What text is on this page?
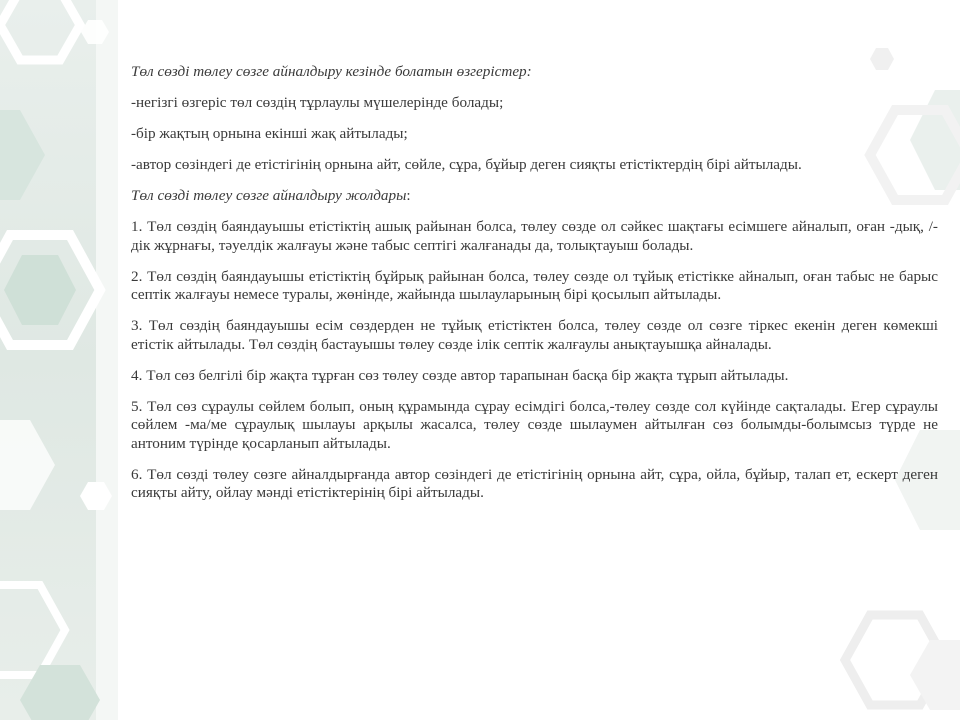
Төл сөзді төлеу сөзге айналдыру кезінде болатын өзгерістер:

-негізгі өзгеріс төл сөздің тұрлаулы мүшелерінде болады;

-бір жақтың орнына екінші жақ айтылады;

-автор сөзіндегі де етістігінің орнына айт, сөйле, сұра, бұйыр деген сияқты етістіктердің бірі айтылады.

Төл сөзді төлеу сөзге айналдыру жолдары:

1. Төл сөздің баяндауышы етістіктің ашық райынан болса, төлеу сөзде ол сәйкес шақтағы есімшеге айналып, оған -дық, /-дік жұрнағы, тәуелдік жалғауы және табыс септігі жалғанады да, толықтауыш болады.

2. Төл сөздің баяндауышы етістіктің бұйрық райынан болса, төлеу сөзде ол тұйық етістікке айналып, оған табыс не барыс септік жалғауы немесе туралы, жөнінде, жайында шылауларының бірі қосылып айтылады.

3. Төл сөздің баяндауышы есім сөздерден не тұйық етістіктен болса, төлеу сөзде ол сөзге тіркес екенін деген көмекші етістік айтылады. Төл сөздің бастауышы төлеу сөзде ілік септік жалғаулы анықтауышқа айналады.

4. Төл сөз белгілі бір жақта тұрған сөз төлеу сөзде автор тарапынан басқа бір жақта тұрып айтылады.

5. Төл сөз сұраулы сөйлем болып, оның құрамында сұрау есімдігі болса,-төлеу сөзде сол күйінде сақталады. Егер сұраулы сөйлем -ма/ме сұраулық шылауы арқылы жасалса, төлеу сөзде шылаумен айтылған сөз болымды-болымсыз түрде не антоним түрінде қосарланып айтылады.

6. Төл сөзді төлеу сөзге айналдырғанда автор сөзіндегі де етістігінің орнына айт, сұра, ойла, бұйыр, талап ет, ескерт деген сияқты айту, ойлау мәнді етістіктерінің бірі айтылады.
